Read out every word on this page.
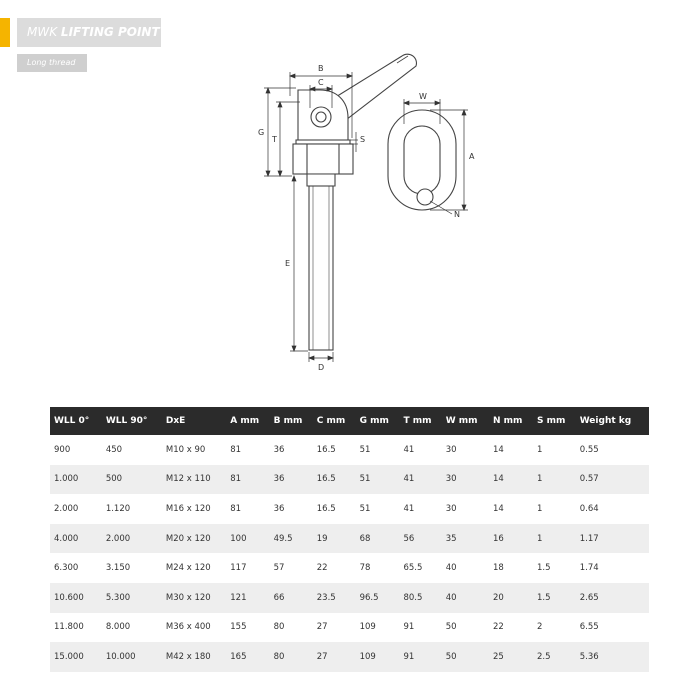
MWK LIFTING POINT
Long thread
B
C
G
T	S
E
D
W
A
N
WLL 0°	WLL 90°	DxE	A mm	B mm	C mm	G mm	T mm	W mm	N mm	S mm	Weight kg
900	450	M10 x 90	81	36	16.5	51	41	30	14	1	0.55
1.000	500	M12 x 110	81	36	16.5	51	41	30	14	1	0.57
2.000	1.120	M16 x 120	81	36	16.5	51	41	30	14	1	0.64
4.000	2.000	M20 x 120	100	49.5	19	68	56	35	16	1	1.17
6.300	3.150	M24 x 120	117	57	22	78	65.5	40	18	1.5	1.74
10.600	5.300	M30 x 120	121	66	23.5	96.5	80.5	40	20	1.5	2.65
11.800	8.000	M36 x 400	155	80	27	109	91	50	22	2	6.55
15.000	10.000	M42 x 180	165	80	27	109	91	50	25	2.5	5.36
